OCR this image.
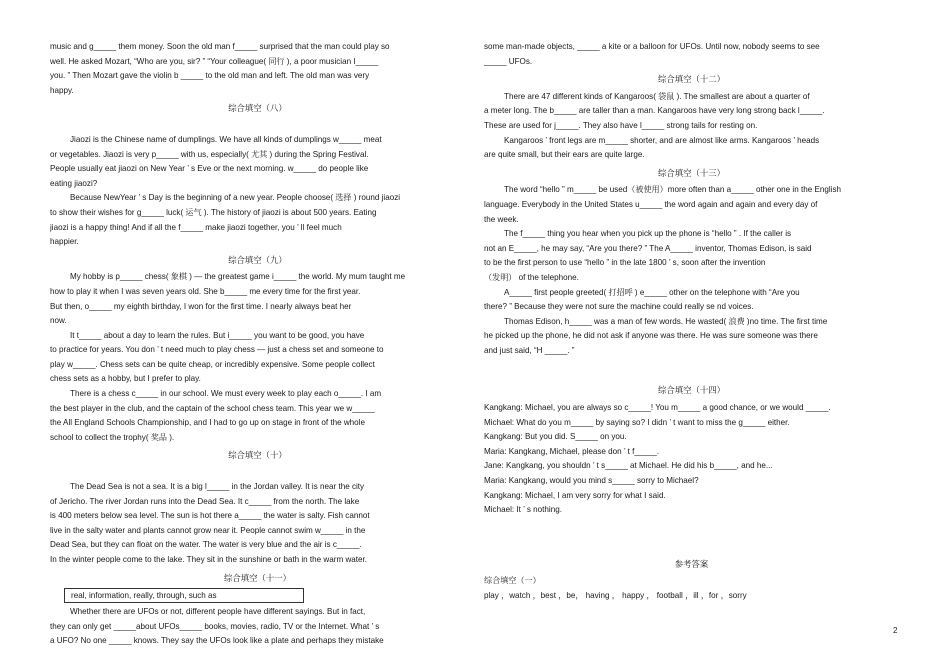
music and g_____ them money. Soon the old man f_____ surprised that the man could play so

well. He asked Mozart, “Who are you, sir? ” “Your colleague( 同行 ), a poor musician I_____

you. ” Then Mozart gave the violin b _____ to the old man and left. The old man was very

happy.

综合填空（八）

Jiaozi is the Chinese name of dumplings. We have all kinds of dumplings w_____ meat

or vegetables. Jiaozi is very p_____ with us, especially( 尤其 ) during the Spring Festival.

People usually eat jiaozi on New Year ’ s Eve or the next morning. w_____ do people like

eating jiaozi?

Because NewYear ’ s Day is the beginning of a new year. People choose( 选择 ) round jiaozi

to show their wishes for g_____ luck( 运气 ). The history of jiaozi is about 500 years. Eating

jiaozi is a happy thing! And if all the f_____ make jiaozi together, you ’ ll feel much

happier.

综合填空（九）

My hobby is p_____ chess( 象棋 ) — the greatest game i_____ the world. My mum taught me

how to play it when I was seven years old. She b_____ me every time for the first year.

But then, o_____ my eighth birthday, I won for the first time. I nearly always beat her

now.

It t_____ about a day to learn the rules. But i_____ you want to be good, you have

to practice for years. You don ’ t need much to play chess — just a chess set and someone to

play w_____. Chess sets can be quite cheap, or incredibly expensive. Some people collect

chess sets as a hobby, but I prefer to play.

There is a chess c_____ in our school. We must every week to play each o_____. I am

the best player in the club, and the captain of the school chess team. This year we w_____

the All England Schools Championship, and I had to go up on stage in front of the whole

school to collect the trophy( 奖品 ).

综合填空（十）

The Dead Sea is not a sea. It is a big l_____ in the Jordan valley. It is near the city

of Jericho. The river Jordan runs into the Dead Sea. It c_____ from the north. The lake

is 400 meters below sea level. The sun is hot there a_____ the water is salty. Fish cannot

live in the salty water and plants cannot grow near it. People cannot swim w_____ in the

Dead Sea, but they can float on the water. The water is very blue and the air is c_____.

In the winter people come to the lake. They sit in the sunshine or bath in the warm water.

综合填空（十一）

real, information, really, through, such as

Whether there are UFOs or not, different people have different sayings. But in fact,

they can only get _____about UFOs_____ books, movies, radio, TV or the Internet. What ’ s

a UFO? No one _____ knows. They say the UFOs look like a plate and perhaps they mistake

some man-made objects, _____ a kite or a balloon for UFOs. Until now, nobody seems to see

_____ UFOs.

综合填空（十二）

There are 47 different kinds of Kangaroos( 袋鼠 ). The smallest are about a quarter of

a meter long. The b_____ are taller than a man. Kangaroos have very long strong back l_____.

These are used for j_____. They also have l_____ strong tails for resting on.

Kangaroos ’ front legs are m_____ shorter, and are almost like arms. Kangaroos ’ heads

are quite small, but their ears are quite large.

综合填空（十三）

The word “hello ” m_____ be used（被使用）more often than a_____ other one in the English

language. Everybody in the United States u_____ the word again and again and every day of

the week.

The f_____ thing you hear when you pick up the phone is “hello ” . If the caller is

not an E_____, he may say, “Are you there? ” The A_____ inventor, Thomas Edison, is said

to be the first person to use “hello ” in the late 1800 ’ s, soon after the invention

（发明） of the telephone.

A_____ first people greeted( 打招呼 ) e_____ other on the telephone with “Are you

there? ” Because they were not sure the machine could really se nd voices.

Thomas Edison, h_____ was a man of few words. He wasted( 浪费 )no time. The first time

he picked up the phone, he did not ask if anyone was there. He was sure someone was there

and just said, “H _____. ”

综合填空（十四）

Kangkang: Michael, you are always so c_____! You m_____ a good chance, or we would _____.

Michael: What do you m_____ by saying so? I didn ’ t want to miss the g_____ either.

Kangkang: But you did. S_____ on you.

Maria: Kangkang, Michael, please don ’ t f_____.

Jane: Kangkang, you shouldn ’ t s_____ at Michael. He did his b_____, and he...

Maria: Kangkang, would you mind s_____ sorry to Michael?

Kangkang: Michael, I am very sorry for what I said.

Michael: It ’ s nothing.

参考答案

综合填空（一）

play ，watch ，best ，be， having ， happy ， football ，ill ，for ，sorry

2
